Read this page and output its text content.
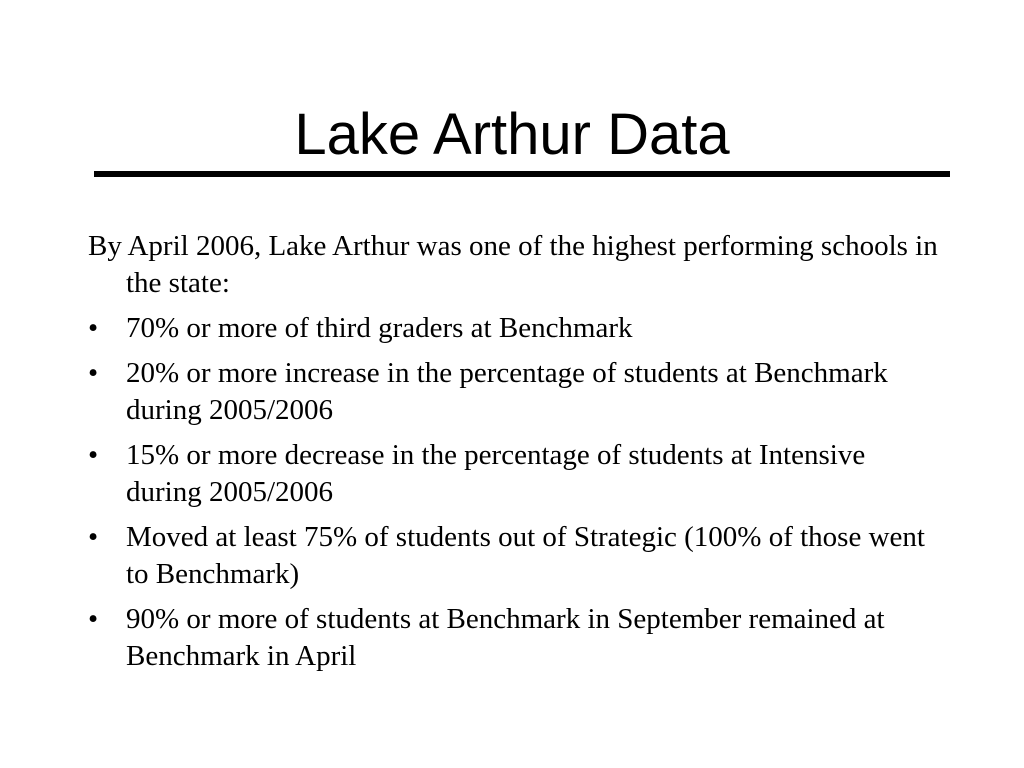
Lake Arthur Data

By April 2006, Lake Arthur was one of the highest performing schools in the state:

• 70% or more of third graders at Benchmark
• 20% or more increase in the percentage of students at Benchmark during 2005/2006
• 15% or more decrease in the percentage of students at Intensive during 2005/2006
• Moved at least 75% of students out of Strategic (100% of those went to Benchmark)
• 90% or more of students at Benchmark in September remained at Benchmark in April
